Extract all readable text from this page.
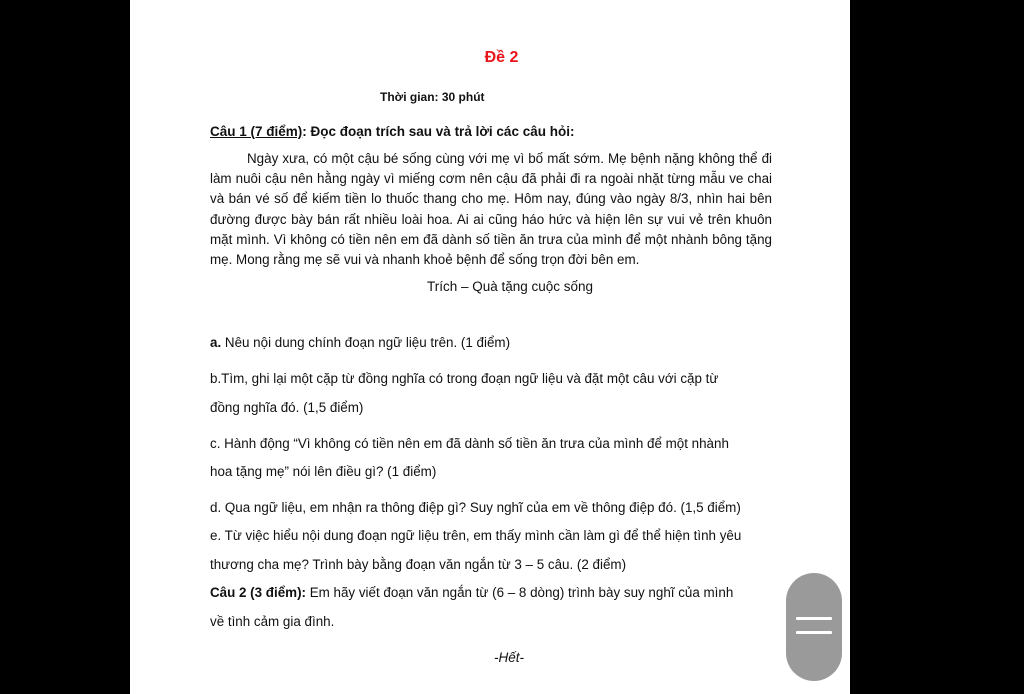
Đề 2
Thời gian: 30 phút
Câu 1 (7 điểm): Đọc đoạn trích sau và trả lời các câu hỏi:

Ngày xưa, có một cậu bé sống cùng với mẹ vì bố mất sớm. Mẹ bệnh nặng không thể đi làm nuôi cậu nên hằng ngày vì miếng cơm nên cậu đã phải đi ra ngoài nhặt từng mẫu ve chai và bán vé số để kiếm tiền lo thuốc thang cho mẹ. Hôm nay, đúng vào ngày 8/3, nhìn hai bên đường được bày bán rất nhiều loài hoa. Ai ai cũng háo hức và hiện lên sự vui vẻ trên khuôn mặt mình. Vì không có tiền nên em đã dành số tiền ăn trưa của mình để một nhành bông tặng mẹ. Mong rằng mẹ sẽ vui và nhanh khoẻ bệnh để sống trọn đời bên em.

Trích – Quà tặng cuộc sống
a. Nêu nội dung chính đoạn ngữ liệu trên. (1 điểm)
b.Tìm, ghi lại một cặp từ đồng nghĩa có trong đoạn ngữ liệu và đặt một câu với cặp từ
đồng nghĩa đó. (1,5 điểm)
c. Hành động “Vì không có tiền nên em đã dành số tiền ăn trưa của mình để một nhành
hoa tặng mẹ” nói lên điều gì? (1 điểm)
d. Qua ngữ liệu, em nhận ra thông điệp gì? Suy nghĩ của em về thông điệp đó. (1,5 điểm)
e. Từ việc hiểu nội dung đoạn ngữ liệu trên, em thấy mình cần làm gì để thể hiện tình yêu
thương cha mẹ? Trình bày bằng đoạn văn ngắn từ 3 – 5 câu. (2 điểm)
Câu 2 (3 điểm): Em hãy viết đoạn văn ngắn từ (6 – 8 dòng) trình bày suy nghĩ của mình
về tình cảm gia đình.
-Hết-
